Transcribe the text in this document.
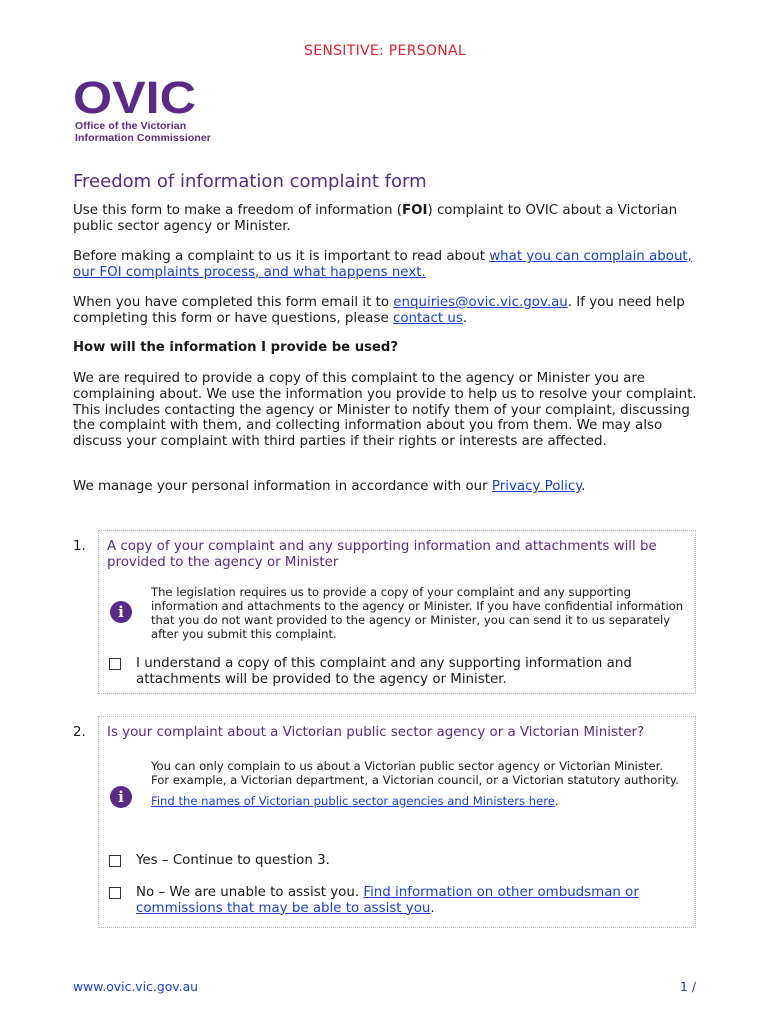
SENSITIVE: PERSONAL
OVIC
Office of the Victorian
Information Commissioner
Freedom of information complaint form
Use this form to make a freedom of information (FOI) complaint to OVIC about a Victorian public sector agency or Minister.
Before making a complaint to us it is important to read about what you can complain about, our FOI complaints process, and what happens next.
When you have completed this form email it to enquiries@ovic.vic.gov.au. If you need help completing this form or have questions, please contact us.
How will the information I provide be used?
We are required to provide a copy of this complaint to the agency or Minister you are complaining about. We use the information you provide to help us to resolve your complaint. This includes contacting the agency or Minister to notify them of your complaint, discussing the complaint with them, and collecting information about you from them. We may also discuss your complaint with third parties if their rights or interests are affected.
We manage your personal information in accordance with our Privacy Policy.
1. A copy of your complaint and any supporting information and attachments will be provided to the agency or Minister
i
The legislation requires us to provide a copy of your complaint and any supporting information and attachments to the agency or Minister. If you have confidential information that you do not want provided to the agency or Minister, you can send it to us separately after you submit this complaint.
I understand a copy of this complaint and any supporting information and attachments will be provided to the agency or Minister.
2. Is your complaint about a Victorian public sector agency or a Victorian Minister?
i
You can only complain to us about a Victorian public sector agency or Victorian Minister.
For example, a Victorian department, a Victorian council, or a Victorian statutory authority.
Find the names of Victorian public sector agencies and Ministers here.
Yes – Continue to question 3.
No – We are unable to assist you. Find information on other ombudsman or commissions that may be able to assist you.
www.ovic.vic.gov.au	1 /
